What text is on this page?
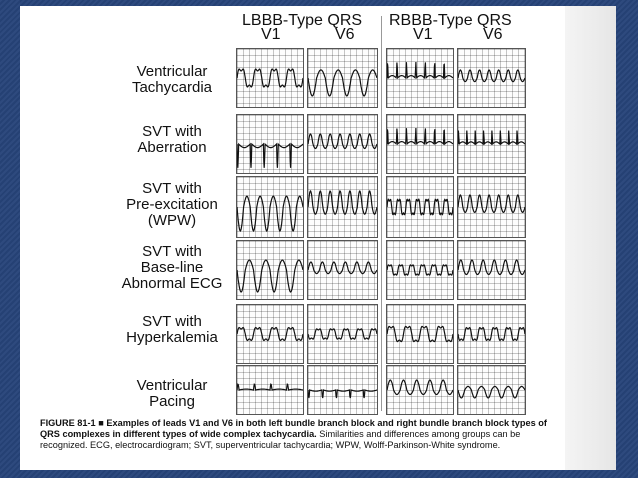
LBBB-Type QRS
V1	V6
RBBB-Type QRS
V1	V6
Ventricular
Tachycardia
SVT with
Aberration
SVT with
Pre-excitation
(WPW)
SVT with
Base-line
Abnormal ECG
SVT with
Hyperkalemia
Ventricular
Pacing
FIGURE 81-1 ■ Examples of leads V1 and V6 in both left bundle branch block and right bundle branch block types of QRS complexes in different types of wide complex tachycardia. Similarities and differences among groups can be recognized. ECG, electrocardiogram; SVT, superventricular tachycardia; WPW, Wolff-Parkinson-White syndrome.
